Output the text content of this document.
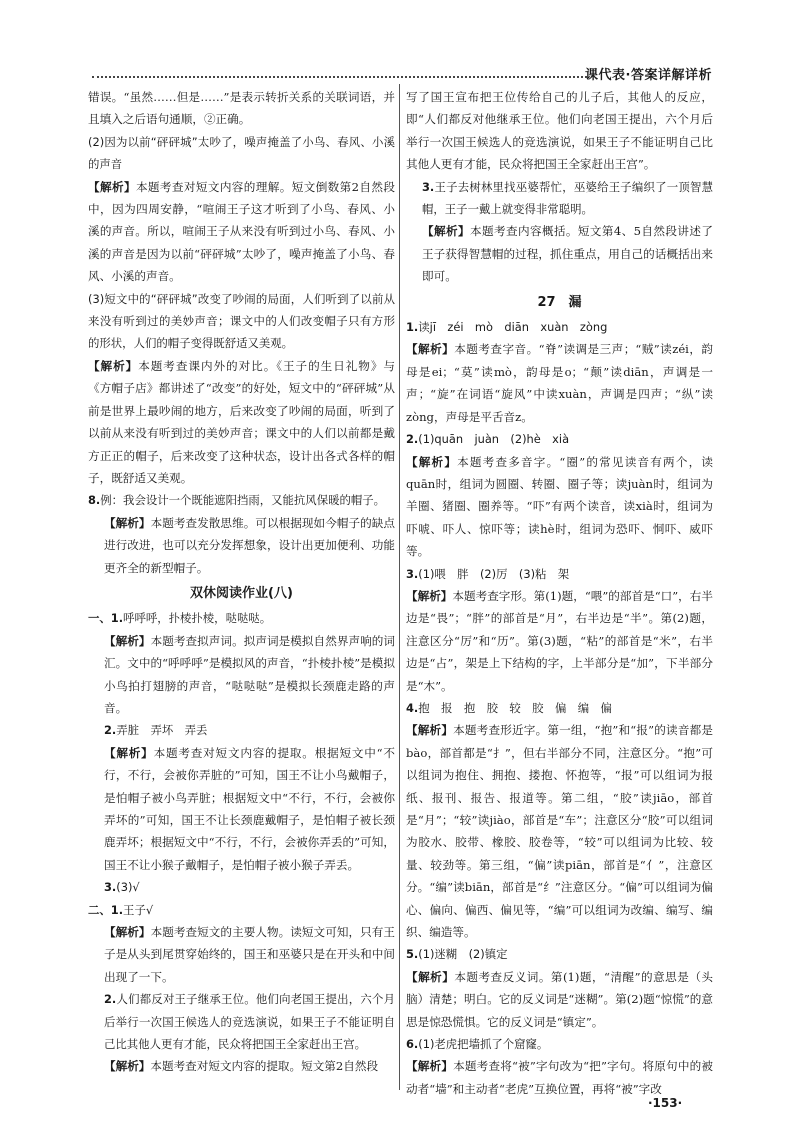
课代表·答案详解详析

错误。“虽然……但是……”是表示转折关系的关联词语，并且填入之后语句通顺，②正确。

(2)因为以前“砰砰城”太吵了，噪声掩盖了小鸟、春风、小溪的声音

【解析】本题考查对短文内容的理解。短文倒数第2自然段中，因为四周安静，“喧闹王子这才听到了小鸟、春风、小溪的声音。所以，喧闹王子从来没有听到过小鸟、春风、小溪的声音是因为以前“砰砰城”太吵了，噪声掩盖了小鸟、春风、小溪的声音。

(3)短文中的“砰砰城”改变了吵闹的局面，人们听到了以前从来没有听到过的美妙声音；课文中的人们改变帽子只有方形的形状，人们的帽子变得既舒适又美观。

【解析】本题考查课内外的对比。《王子的生日礼物》与《方帽子店》都讲述了“改变”的好处，短文中的“砰砰城”从前是世界上最吵闹的地方，后来改变了吵闹的局面，听到了以前从来没有听到过的美妙声音；课文中的人们以前都是戴方正正的帽子，后来改变了这种状态，设计出各式各样的帽子，既舒适又美观。

8.例：我会设计一个既能遮阳挡雨，又能抗风保暖的帽子。

【解析】本题考查发散思维。可以根据现如今帽子的缺点进行改进，也可以充分发挥想象，设计出更加便利、功能更齐全的新型帽子。

双休阅读作业(八)

一、1.呼呼呼，扑棱扑棱，哒哒哒。

【解析】本题考查拟声词。拟声词是模拟自然界声响的词汇。文中的“呼呼呼”是模拟风的声音，“扑棱扑棱”是模拟小鸟拍打翅膀的声音，“哒哒哒”是模拟长颈鹿走路的声音。

2.弄脏　弄坏　弄丢

【解析】本题考查对短文内容的提取。根据短文中“不行，不行，会被你弄脏的”可知，国王不让小鸟戴帽子，是怕帽子被小鸟弄脏；根据短文中“不行，不行，会被你弄坏的”可知，国王不让长颈鹿戴帽子，是怕帽子被长颈鹿弄坏；根据短文中“不行，不行，会被你弄丢的”可知，国王不让小猴子戴帽子，是怕帽子被小猴子弄丢。

3.(3)√

二、1.王子√

【解析】本题考查短文的主要人物。读短文可知，只有王子是从头到尾贯穿始终的，国王和巫婆只是在开头和中间出现了一下。

2.人们都反对王子继承王位。他们向老国王提出，六个月后举行一次国王候选人的竞选演说，如果王子不能证明自己比其他人更有才能，民众将把国王全家赶出王宫。

【解析】本题考查对短文内容的提取。短文第2自然段

写了国王宣布把王位传给自己的儿子后，其他人的反应，即“人们都反对他继承王位。他们向老国王提出，六个月后举行一次国王候选人的竞选演说，如果王子不能证明自己比其他人更有才能，民众将把国王全家赶出王宫”。

3.王子去树林里找巫婆帮忙，巫婆给王子编织了一顶智慧帽，王子一戴上就变得非常聪明。

【解析】本题考查内容概括。短文第4、5自然段讲述了王子获得智慧帽的过程，抓住重点，用自己的话概括出来即可。

27　漏

1.读jī　zéi　mò　diān　xuàn　zòng

【解析】本题考查字音。“脊”读调是三声；“贼”读zéi，韵母是ei；“莫”读mò，韵母是o；“颠”读diān，声调是一声；“旋”在词语“旋风”中读xuàn，声调是四声；“纵”读zòng，声母是平舌音z。

2.(1)quān　juàn　(2)hè　xià

【解析】本题考查多音字。“圈”的常见读音有两个，读quān时，组词为圆圈、转圈、圈子等；读juàn时，组词为羊圈、猪圈、圈养等。“吓”有两个读音，读xià时，组词为吓唬、吓人、惊吓等；读hè时，组词为恐吓、恫吓、威吓等。

3.(1)喂　胖　(2)厉　(3)粘　架

【解析】本题考查字形。第(1)题，“喂”的部首是“口”，右半边是“畏”；“胖”的部首是“月”，右半边是“半”。第(2)题，注意区分“厉”和“历”。第(3)题，“粘”的部首是“米”，右半边是“占”，架是上下结构的字，上半部分是“加”，下半部分是“木”。

4.抱　报　抱　胶　较　胶　偏　编　偏

【解析】本题考查形近字。第一组，“抱”和“报”的读音都是bào，部首都是“扌”，但右半部分不同，注意区分。“抱”可以组词为抱住、拥抱、搂抱、怀抱等，“报”可以组词为报纸、报刊、报告、报道等。第二组，“胶”读jiāo，部首是“月”；“较”读jiào，部首是“车”；注意区分“胶”可以组词为胶水、胶带、橡胶、胶卷等，“较”可以组词为比较、较量、较劲等。第三组，“偏”读piān，部首是“亻”，注意区分。“编”读biān，部首是“纟”注意区分。“偏”可以组词为偏心、偏向、偏西、偏见等，“编”可以组词为改编、编写、编织、编造等。

5.(1)迷糊　(2)镇定

【解析】本题考查反义词。第(1)题，“清醒”的意思是（头脑）清楚；明白。它的反义词是“迷糊”。第(2)题“惊慌”的意思是惊恐慌惧。它的反义词是“镇定”。

6.(1)老虎把墙抓了个窟窿。

【解析】本题考查将“被”字句改为“把”字句。将原句中的被动者“墙”和主动者“老虎”互换位置，再将“被”字改

·153·
